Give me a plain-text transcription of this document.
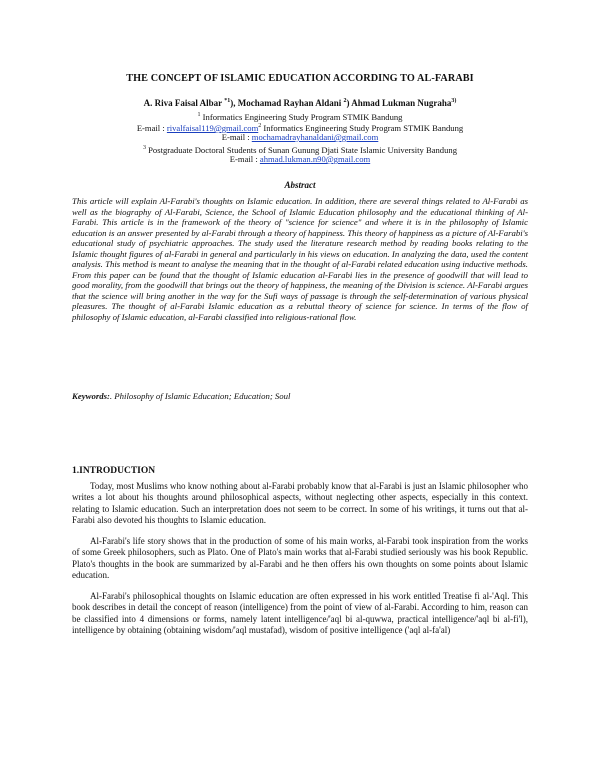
THE CONCEPT OF ISLAMIC EDUCATION ACCORDING TO AL-FARABI
A. Riva Faisal Albar $^{*1}$), Mochamad Rayhan Aldani $^2$) Ahmad Lukman Nugraha$^{3)}$
$^1$ Informatics Engineering Study Program STMIK Bandung
E-mail : rivalfaisal119@gmail.com$^2$ Informatics Engineering Study Program STMIK Bandung
E-mail : mochamadrayhanaldani@gmail.com
$^3$ Postgraduate Doctoral Students of Sunan Gunung Djati State Islamic University Bandung
E-mail : ahmad.lukman.n90@gmail.com
Abstract

This article will explain Al-Farabi's thoughts on Islamic education. In addition, there are several things related to Al-Farabi as well as the biography of Al-Farabi, Science, the School of Islamic Education philosophy and the educational thinking of Al-Farabi. This article is in the framework of the theory of "science for science" and where it is in the philosophy of Islamic education is an answer presented by al-Farabi through a theory of happiness. This theory of happiness as a picture of Al-Farabi's educational study of psychiatric approaches. The study used the literature research method by reading books relating to the Islamic thought figures of al-Farabi in general and particularly in his views on education. In analyzing the data, used the content analysis. This method is meant to analyse the meaning that in the thought of al-Farabi related education using inductive methods. From this paper can be found that the thought of Islamic education al-Farabi lies in the presence of goodwill that will lead to good morality, from the goodwill that brings out the theory of happiness, the meaning of the Division is science. Al-Farabi argues that the science will bring another in the way for the Sufi ways of passage is through the self-determination of various physical pleasures. The thought of al-Farabi Islamic education as a rebuttal theory of science for science. In terms of the flow of philosophy of Islamic education, al-Farabi classified into religious-rational flow.

Keywords:. Philosophy of Islamic Education; Education; Soul
1.INTRODUCTION

Today, most Muslims who know nothing about al-Farabi probably know that al-Farabi is just an Islamic philosopher who writes a lot about his thoughts around philosophical aspects, without neglecting other aspects, especially in this context. relating to Islamic education. Such an interpretation does not seem to be correct. In some of his writings, it turns out that al-Farabi also devoted his thoughts to Islamic education.

Al-Farabi's life story shows that in the production of some of his main works, al-Farabi took inspiration from the works of some Greek philosophers, such as Plato. One of Plato's main works that al-Farabi studied seriously was his book Republic. Plato's thoughts in the book are summarized by al-Farabi and he then offers his own thoughts on some points about Islamic education.

Al-Farabi's philosophical thoughts on Islamic education are often expressed in his work entitled Treatise fi al-'Aql. This book describes in detail the concept of reason (intelligence) from the point of view of al-Farabi. According to him, reason can be classified into 4 dimensions or forms, namely latent intelligence/'aql bi al-quwwa, practical intelligence/'aql bi al-fi'l), intelligence by obtaining (obtaining wisdom/'aql mustafad), wisdom of positive intelligence ('aql al-fa'al)
